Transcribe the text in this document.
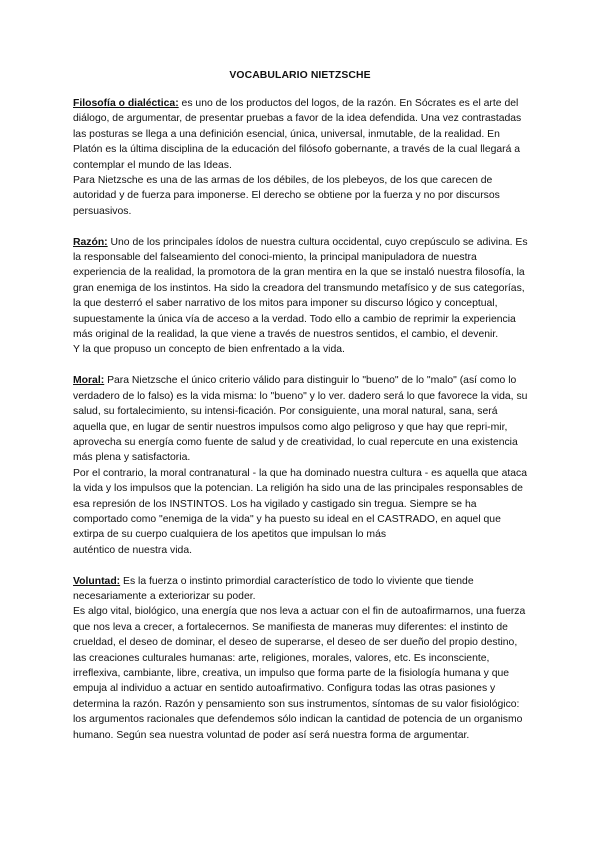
VOCABULARIO NIETZSCHE

Filosofía o dialéctica: es uno de los productos del logos, de la razón. En Sócrates es el arte del diálogo, de argumentar, de presentar pruebas a favor de la idea defendida. Una vez contrastadas las posturas se llega a una definición esencial, única, universal, inmutable, de la realidad. En Platón es la última disciplina de la educación del filósofo gobernante, a través de la cual llegará a contemplar el mundo de las Ideas.

Para Nietzsche es una de las armas de los débiles, de los plebeyos, de los que carecen de autoridad y de fuerza para imponerse. El derecho se obtiene por la fuerza y no por discursos persuasivos.

Razón: Uno de los principales ídolos de nuestra cultura occidental, cuyo crepúsculo se adivina. Es la responsable del falseamiento del conoci-miento, la principal manipuladora de nuestra experiencia de la realidad, la promotora de la gran mentira en la que se instaló nuestra filosofía, la gran enemiga de los instintos. Ha sido la creadora del transmundo metafísico y de sus categorías, la que desterró el saber narrativo de los mitos para imponer su discurso lógico y conceptual, supuestamente la única vía de acceso a la verdad. Todo ello a cambio de reprimir la experiencia más original de la realidad, la que viene a través de nuestros sentidos, el cambio, el devenir.

Y la que propuso un concepto de bien enfrentado a la vida.

Moral: Para Nietzsche el único criterio válido para distinguir lo "bueno" de lo "malo" (así como lo verdadero de lo falso) es la vida misma: lo "bueno" y lo ver. dadero será lo que favorece la vida, su salud, su fortalecimiento, su intensi-ficación. Por consiguiente, una moral natural, sana, será aquella que, en lugar de sentir nuestros impulsos como algo peligroso y que hay que repri-mir, aprovecha su energía como fuente de salud y de creatividad, lo cual repercute en una existencia más plena y satisfactoria.

Por el contrario, la moral contranatural - la que ha dominado nuestra cultura - es aquella que ataca la vida y los impulsos que la potencian. La religión ha sido una de las principales responsables de esa represión de los INSTINTOS. Los ha vigilado y castigado sin tregua. Siempre se ha comportado como "enemiga de la vida" y ha puesto su ideal en el CASTRADO, en aquel que extirpa de su cuerpo cualquiera de los apetitos que impulsan lo más

auténtico de nuestra vida.

Voluntad: Es la fuerza o instinto primordial característico de todo lo viviente que tiende necesariamente a exteriorizar su poder.

Es algo vital, biológico, una energía que nos leva a actuar con el fin de autoafirmarnos, una fuerza que nos leva a crecer, a fortalecernos. Se manifiesta de maneras muy diferentes: el instinto de crueldad, el deseo de dominar, el deseo de superarse, el deseo de ser dueño del propio destino, las creaciones culturales humanas: arte, religiones, morales, valores, etc. Es inconsciente, irreflexiva, cambiante, libre, creativa, un impulso que forma parte de la fisiología humana y que empuja al individuo a actuar en sentido autoafirmativo. Configura todas las otras pasiones y determina la razón. Razón y pensamiento son sus instrumentos, síntomas de su valor fisiológico: los argumentos racionales que defendemos sólo indican la cantidad de potencia de un organismo humano. Según sea nuestra voluntad de poder así será nuestra forma de argumentar.
